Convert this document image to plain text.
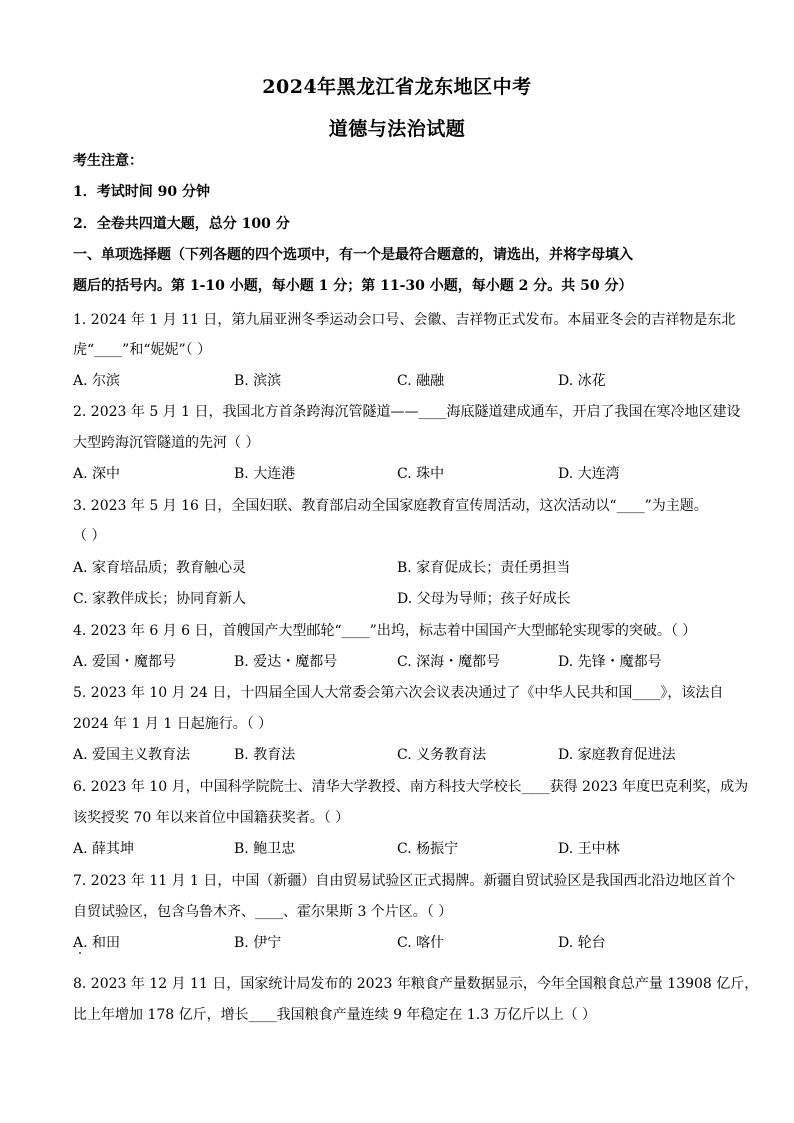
2024年黑龙江省龙东地区中考
道德与法治试题
考生注意：
1．考试时间 90 分钟
2．全卷共四道大题，总分 100 分
一、单项选择题（下列各题的四个选项中，有一个是最符合题意的，请选出，并将字母填入
题后的括号内。第 1-10 小题，每小题 1 分；第 11-30 小题，每小题 2 分。共 50 分）
1. 2024 年 1 月 11 日，第九届亚洲冬季运动会口号、会徽、吉祥物正式发布。本届亚冬会的吉祥物是东北
虎“____”和“妮妮”（ ）
A. 尔滨	B. 滨滨	C. 融融	D. 冰花
2. 2023 年 5 月 1 日，我国北方首条跨海沉管隧道——____海底隧道建成通车，开启了我国在寒冷地区建设
大型跨海沉管隧道的先河（ ）
A. 深中	B. 大连港	C. 珠中	D. 大连湾
3. 2023 年 5 月 16 日，全国妇联、教育部启动全国家庭教育宣传周活动，这次活动以“____”为主题。
（ ）
A. 家育培品质；教育触心灵	B. 家育促成长；责任勇担当
C. 家教伴成长；协同育新人	D. 父母为导师；孩子好成长
4. 2023 年 6 月 6 日，首艘国产大型邮轮“____”出坞，标志着中国国产大型邮轮实现零的突破。（ ）
A. 爱国・魔都号	B. 爱达・魔都号	C. 深海・魔都号	D. 先锋・魔都号
5. 2023 年 10 月 24 日，十四届全国人大常委会第六次会议表决通过了《中华人民共和国____》，该法自
2024 年 1 月 1 日起施行。（ ）
A. 爱国主义教育法	B. 教育法	C. 义务教育法	D. 家庭教育促进法
6. 2023 年 10 月，中国科学院院士、清华大学教授、南方科技大学校长____获得 2023 年度巴克利奖，成为
该奖授奖 70 年以来首位中国籍获奖者。（ ）
A. 薛其坤	B. 鲍卫忠	C. 杨振宁	D. 王中林
7. 2023 年 11 月 1 日，中国（新疆）自由贸易试验区正式揭牌。新疆自贸试验区是我国西北沿边地区首个
自贸试验区，包含乌鲁木齐、____、霍尔果斯 3 个片区。（ ）
A. 和田	B. 伊宁	C. 喀什	D. 轮台
8. 2023 年 12 月 11 日，国家统计局发布的 2023 年粮食产量数据显示，今年全国粮食总产量 13908 亿斤，
比上年增加 178 亿斤，增长____我国粮食产量连续 9 年稳定在 1.3 万亿斤以上（ ）
